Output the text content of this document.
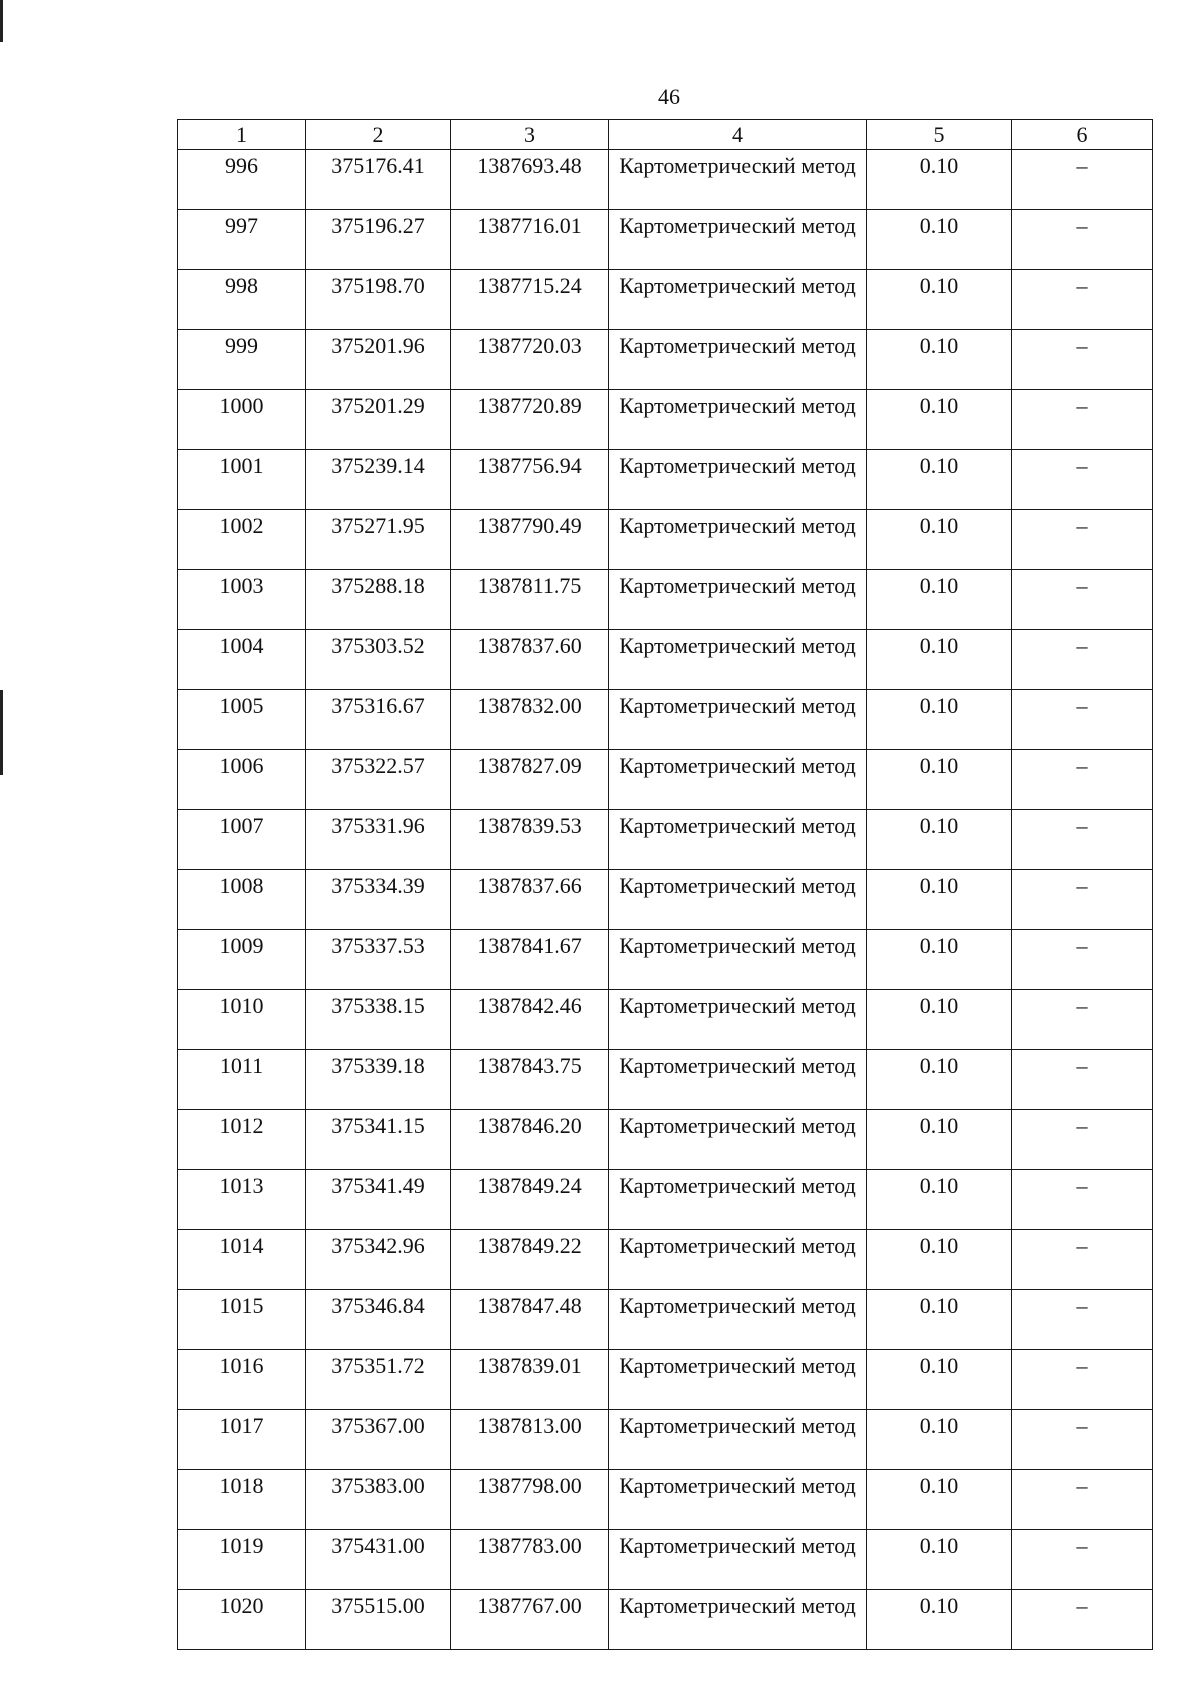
46
1	2	3	4	5	6
996	375176.41	1387693.48	Картометрический метод	0.10	–
997	375196.27	1387716.01	Картометрический метод	0.10	–
998	375198.70	1387715.24	Картометрический метод	0.10	–
999	375201.96	1387720.03	Картометрический метод	0.10	–
1000	375201.29	1387720.89	Картометрический метод	0.10	–
1001	375239.14	1387756.94	Картометрический метод	0.10	–
1002	375271.95	1387790.49	Картометрический метод	0.10	–
1003	375288.18	1387811.75	Картометрический метод	0.10	–
1004	375303.52	1387837.60	Картометрический метод	0.10	–
1005	375316.67	1387832.00	Картометрический метод	0.10	–
1006	375322.57	1387827.09	Картометрический метод	0.10	–
1007	375331.96	1387839.53	Картометрический метод	0.10	–
1008	375334.39	1387837.66	Картометрический метод	0.10	–
1009	375337.53	1387841.67	Картометрический метод	0.10	–
1010	375338.15	1387842.46	Картометрический метод	0.10	–
1011	375339.18	1387843.75	Картометрический метод	0.10	–
1012	375341.15	1387846.20	Картометрический метод	0.10	–
1013	375341.49	1387849.24	Картометрический метод	0.10	–
1014	375342.96	1387849.22	Картометрический метод	0.10	–
1015	375346.84	1387847.48	Картометрический метод	0.10	–
1016	375351.72	1387839.01	Картометрический метод	0.10	–
1017	375367.00	1387813.00	Картометрический метод	0.10	–
1018	375383.00	1387798.00	Картометрический метод	0.10	–
1019	375431.00	1387783.00	Картометрический метод	0.10	–
1020	375515.00	1387767.00	Картометрический метод	0.10	–
